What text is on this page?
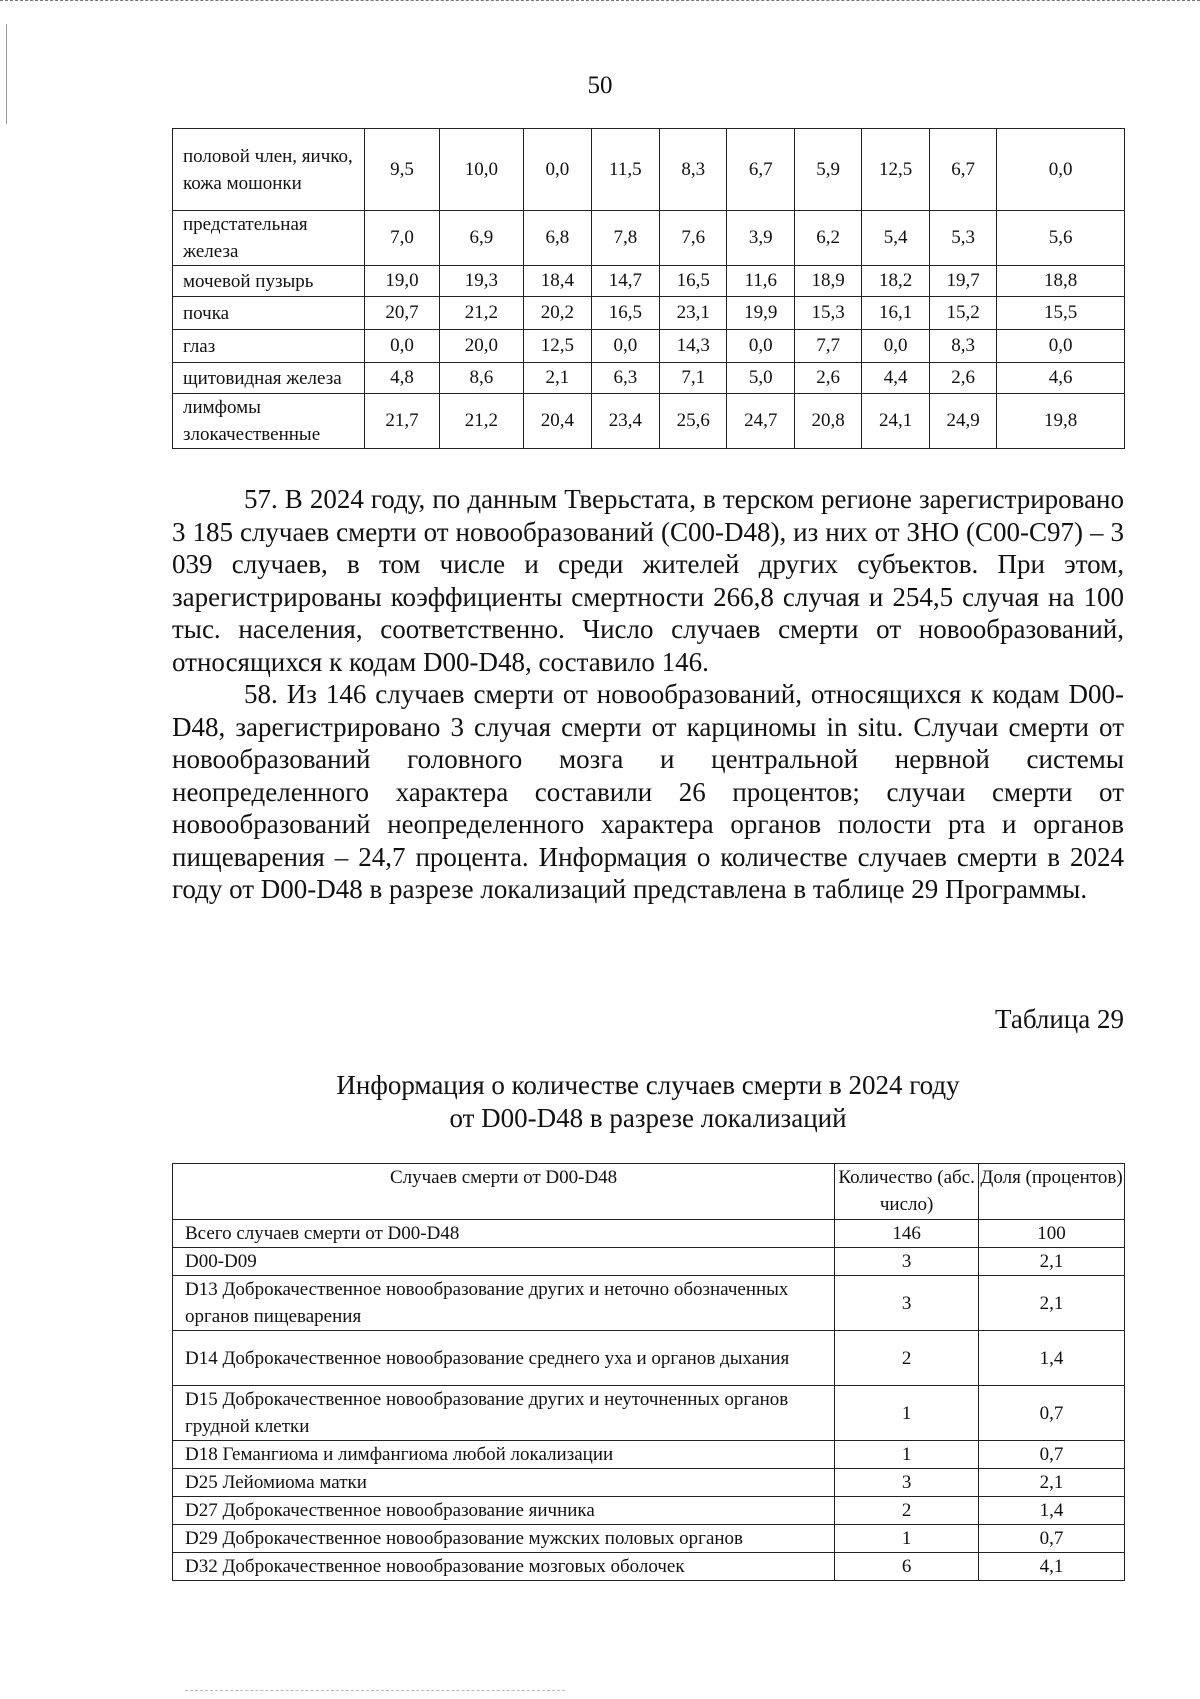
50
половой член, яичко, кожа мошонки	9,5	10,0	0,0	11,5	8,3	6,7	5,9	12,5	6,7	0,0
предстательная железа	7,0	6,9	6,8	7,8	7,6	3,9	6,2	5,4	5,3	5,6
мочевой пузырь	19,0	19,3	18,4	14,7	16,5	11,6	18,9	18,2	19,7	18,8
почка	20,7	21,2	20,2	16,5	23,1	19,9	15,3	16,1	15,2	15,5
глаз	0,0	20,0	12,5	0,0	14,3	0,0	7,7	0,0	8,3	0,0
щитовидная железа	4,8	8,6	2,1	6,3	7,1	5,0	2,6	4,4	2,6	4,6
лимфомы злокачественные	21,7	21,2	20,4	23,4	25,6	24,7	20,8	24,1	24,9	19,8

57. В 2024 году, по данным Тверьстата, в терском регионе зарегистрировано 3 185 случаев смерти от новообразований (C00-D48), из них от ЗНО (C00-C97) – 3 039 случаев, в том числе и среди жителей других субъектов. При этом, зарегистрированы коэффициенты смертности 266,8 случая и 254,5 случая на 100 тыс. населения, соответственно. Число случаев смерти от новообразований, относящихся к кодам D00-D48, составило 146.

58. Из 146 случаев смерти от новообразований, относящихся к кодам D00-D48, зарегистрировано 3 случая смерти от карциномы in situ. Случаи смерти от новообразований головного мозга и центральной нервной системы неопределенного характера составили 26 процентов; случаи смерти от новообразований неопределенного характера органов полости рта и органов пищеварения – 24,7 процента. Информация о количестве случаев смерти в 2024 году от D00-D48 в разрезе локализаций представлена в таблице 29 Программы.

Таблица 29
Информация о количестве случаев смерти в 2024 году
от D00-D48 в разрезе локализаций
Случаев смерти от D00-D48	Количество (абс. число)	Доля (процентов)
Всего случаев смерти от D00-D48	146	100
D00-D09	3	2,1
D13 Доброкачественное новообразование других и неточно обозначенных органов пищеварения	3	2,1
D14 Доброкачественное новообразование среднего уха и органов дыхания	2	1,4
D15 Доброкачественное новообразование других и неуточненных органов грудной клетки	1	0,7
D18 Гемангиома и лимфангиома любой локализации	1	0,7
D25 Лейомиома матки	3	2,1
D27 Доброкачественное новообразование яичника	2	1,4
D29 Доброкачественное новообразование мужских половых органов	1	0,7
D32 Доброкачественное новообразование мозговых оболочек	6	4,1
